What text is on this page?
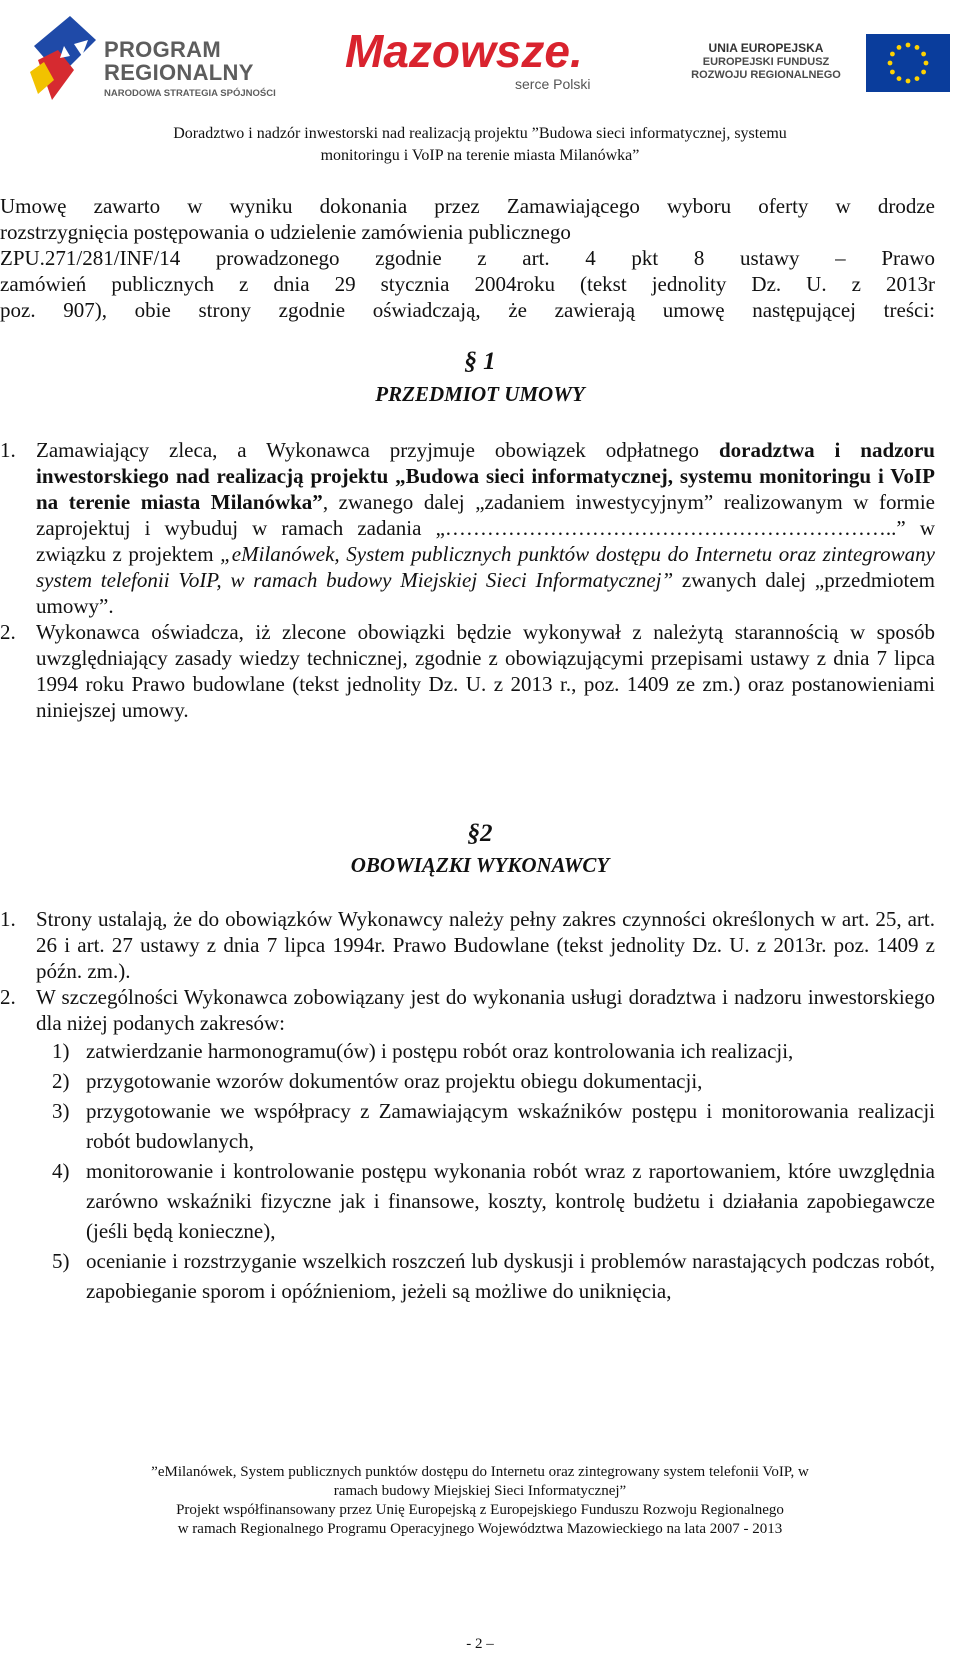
PROGRAM
REGIONALNY
NARODOWA STRATEGIA SPÓJNOŚCI
Mazowsze.
serce Polski
UNIA EUROPEJSKA
EUROPEJSKI FUNDUSZ
ROZWOJU REGIONALNEGO
Doradztwo i nadzór inwestorski nad realizacją projektu ”Budowa sieci informatycznej, systemu
monitoringu i VoIP na terenie miasta Milanówka”
Umowę zawarto w wyniku dokonania przez Zamawiającego wyboru oferty w drodze
rozstrzygnięcia postępowania o udzielenie zamówienia publicznego
ZPU.271/281/INF/14 prowadzonego zgodnie z art. 4 pkt 8 ustawy – Prawo
zamówień publicznych z dnia 29 stycznia 2004roku (tekst jednolity Dz. U. z 2013r
poz. 907), obie strony zgodnie oświadczają, że zawierają umowę następującej treści:
§ 1
PRZEDMIOT UMOWY
1. Zamawiający zleca, a Wykonawca przyjmuje obowiązek odpłatnego doradztwa i nadzoru inwestorskiego nad realizacją projektu „Budowa sieci informatycznej, systemu monitoringu i VoIP na terenie miasta Milanówka”, zwanego dalej „zadaniem inwestycyjnym” realizowanym w formie zaprojektuj i wybuduj w ramach zadania „………………………………………………………..” w związku z projektem „eMilanówek, System publicznych punktów dostępu do Internetu oraz zintegrowany system telefonii VoIP, w ramach budowy Miejskiej Sieci Informatycznej” zwanych dalej „przedmiotem umowy”.
2. Wykonawca oświadcza, iż zlecone obowiązki będzie wykonywał z należytą starannością w sposób uwzględniający zasady wiedzy technicznej, zgodnie z obowiązującymi przepisami ustawy z dnia 7 lipca 1994 roku Prawo budowlane (tekst jednolity Dz. U. z 2013 r., poz. 1409 ze zm.) oraz postanowieniami niniejszej umowy.
§2
OBOWIĄZKI WYKONAWCY
1. Strony ustalają, że do obowiązków Wykonawcy należy pełny zakres czynności określonych w art. 25, art. 26 i art. 27 ustawy z dnia 7 lipca 1994r. Prawo Budowlane (tekst jednolity Dz. U. z 2013r. poz. 1409 z późn. zm.).
2. W szczególności Wykonawca zobowiązany jest do wykonania usługi doradztwa i nadzoru inwestorskiego dla niżej podanych zakresów:
1) zatwierdzanie harmonogramu(ów) i postępu robót oraz kontrolowania ich realizacji,
2) przygotowanie wzorów dokumentów oraz projektu obiegu dokumentacji,
3) przygotowanie we współpracy z Zamawiającym wskaźników postępu i monitorowania realizacji robót budowlanych,
4) monitorowanie i kontrolowanie postępu wykonania robót wraz z raportowaniem, które uwzględnia zarówno wskaźniki fizyczne jak i finansowe, koszty, kontrolę budżetu i działania zapobiegawcze (jeśli będą konieczne),
5) ocenianie i rozstrzyganie wszelkich roszczeń lub dyskusji i problemów narastających podczas robót, zapobieganie sporom i opóźnieniom, jeżeli są możliwe do uniknięcia,
”eMilanówek, System publicznych punktów dostępu do Internetu oraz zintegrowany system telefonii VoIP, w
ramach budowy Miejskiej Sieci Informatycznej”
Projekt współfinansowany przez Unię Europejską z Europejskiego Funduszu Rozwoju Regionalnego
w ramach Regionalnego Programu Operacyjnego Województwa Mazowieckiego na lata 2007 - 2013
- 2 –
